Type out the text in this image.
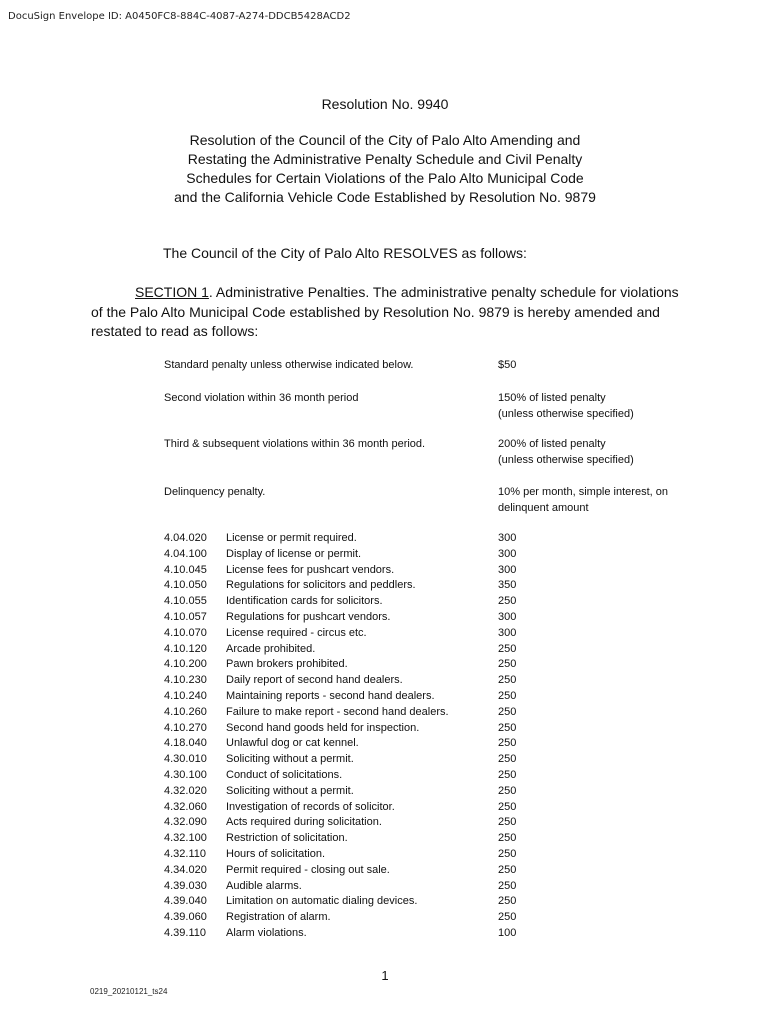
DocuSign Envelope ID: A0450FC8-884C-4087-A274-DDCB5428ACD2
Resolution No. 9940
Resolution of the Council of the City of Palo Alto Amending and
Restating the Administrative Penalty Schedule and Civil Penalty
Schedules for Certain Violations of the Palo Alto Municipal Code
and the California Vehicle Code Established by Resolution No. 9879
The Council of the City of Palo Alto RESOLVES as follows:
SECTION 1. Administrative Penalties. The administrative penalty schedule for violations
of the Palo Alto Municipal Code established by Resolution No. 9879 is hereby amended and
restated to read as follows:
Standard penalty unless otherwise indicated below.	$50
Second violation within 36 month period	150% of listed penalty
(unless otherwise specified)
Third & subsequent violations within 36 month period.	200% of listed penalty
(unless otherwise specified)
Delinquency penalty.	10% per month, simple interest, on
delinquent amount
4.04.020 License or permit required.	300
4.04.100 Display of license or permit.	300
4.10.045 License fees for pushcart vendors.	300
4.10.050 Regulations for solicitors and peddlers.	350
4.10.055 Identification cards for solicitors.	250
4.10.057 Regulations for pushcart vendors.	300
4.10.070 License required - circus etc.	300
4.10.120 Arcade prohibited.	250
4.10.200 Pawn brokers prohibited.	250
4.10.230 Daily report of second hand dealers.	250
4.10.240 Maintaining reports - second hand dealers.	250
4.10.260 Failure to make report - second hand dealers.	250
4.10.270 Second hand goods held for inspection.	250
4.18.040 Unlawful dog or cat kennel.	250
4.30.010 Soliciting without a permit.	250
4.30.100 Conduct of solicitations.	250
4.32.020 Soliciting without a permit.	250
4.32.060 Investigation of records of solicitor.	250
4.32.090 Acts required during solicitation.	250
4.32.100 Restriction of solicitation.	250
4.32.110 Hours of solicitation.	250
4.34.020 Permit required - closing out sale.	250
4.39.030 Audible alarms.	250
4.39.040 Limitation on automatic dialing devices.	250
4.39.060 Registration of alarm.	250
4.39.110 Alarm violations.	100
1
0219_20210121_ts24
